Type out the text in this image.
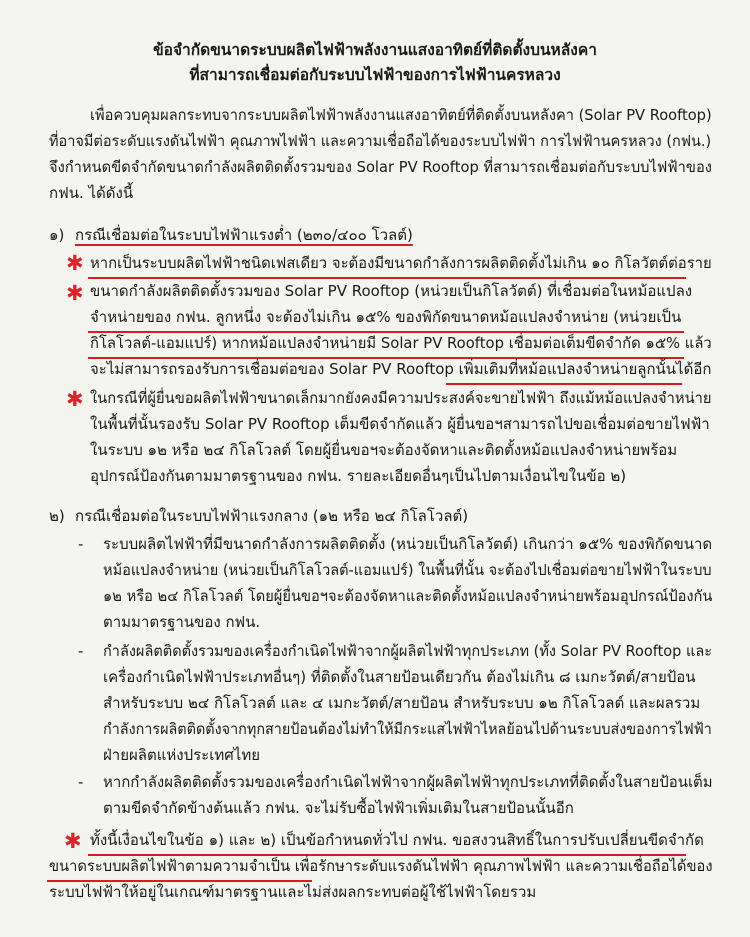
ข้อจำกัดขนาดระบบผลิตไฟฟ้าพลังงานแสงอาทิตย์ที่ติดตั้งบนหลังคา
ที่สามารถเชื่อมต่อกับระบบไฟฟ้าของการไฟฟ้านครหลวง
เพื่อควบคุมผลกระทบจากระบบผลิตไฟฟ้าพลังงานแสงอาทิตย์ที่ติดตั้งบนหลังคา (Solar PV Rooftop)
ที่อาจมีต่อระดับแรงดันไฟฟ้า คุณภาพไฟฟ้า และความเชื่อถือได้ของระบบไฟฟ้า การไฟฟ้านครหลวง (กฟน.)
จึงกำหนดขีดจำกัดขนาดกำลังผลิตติดตั้งรวมของ Solar PV Rooftop ที่สามารถเชื่อมต่อกับระบบไฟฟ้าของ
กฟน. ได้ดังนี้
๑) กรณีเชื่อมต่อในระบบไฟฟ้าแรงต่ำ (๒๓๐/๔๐๐ โวลต์)
✱ หากเป็นระบบผลิตไฟฟ้าชนิดเฟสเดียว จะต้องมีขนาดกำลังการผลิตติดตั้งไม่เกิน ๑๐ กิโลวัตต์ต่อราย
✱ ขนาดกำลังผลิตติดตั้งรวมของ Solar PV Rooftop (หน่วยเป็นกิโลวัตต์) ที่เชื่อมต่อในหม้อแปลง
จำหน่ายของ กฟน. ลูกหนึ่ง จะต้องไม่เกิน ๑๕% ของพิกัดขนาดหม้อแปลงจำหน่าย (หน่วยเป็น
กิโลโวลต์-แอมแปร์) หากหม้อแปลงจำหน่ายมี Solar PV Rooftop เชื่อมต่อเต็มขีดจำกัด ๑๕% แล้ว
จะไม่สามารถรองรับการเชื่อมต่อของ Solar PV Rooftop เพิ่มเติมที่หม้อแปลงจำหน่ายลูกนั้นได้อีก
✱ ในกรณีที่ผู้ยื่นขอผลิตไฟฟ้าขนาดเล็กมากยังคงมีความประสงค์จะขายไฟฟ้า ถึงแม้หม้อแปลงจำหน่าย
ในพื้นที่นั้นรองรับ Solar PV Rooftop เต็มขีดจำกัดแล้ว ผู้ยื่นขอฯสามารถไปขอเชื่อมต่อขายไฟฟ้า
ในระบบ ๑๒ หรือ ๒๔ กิโลโวลต์ โดยผู้ยื่นขอฯจะต้องจัดหาและติดตั้งหม้อแปลงจำหน่ายพร้อม
อุปกรณ์ป้องกันตามมาตรฐานของ กฟน. รายละเอียดอื่นๆเป็นไปตามเงื่อนไขในข้อ ๒)
๒) กรณีเชื่อมต่อในระบบไฟฟ้าแรงกลาง (๑๒ หรือ ๒๔ กิโลโวลต์)
- ระบบผลิตไฟฟ้าที่มีขนาดกำลังการผลิตติดตั้ง (หน่วยเป็นกิโลวัตต์) เกินกว่า ๑๕% ของพิกัดขนาด
หม้อแปลงจำหน่าย (หน่วยเป็นกิโลโวลต์-แอมแปร์) ในพื้นที่นั้น จะต้องไปเชื่อมต่อขายไฟฟ้าในระบบ
๑๒ หรือ ๒๔ กิโลโวลต์ โดยผู้ยื่นขอฯจะต้องจัดหาและติดตั้งหม้อแปลงจำหน่ายพร้อมอุปกรณ์ป้องกัน
ตามมาตรฐานของ กฟน.
- กำลังผลิตติดตั้งรวมของเครื่องกำเนิดไฟฟ้าจากผู้ผลิตไฟฟ้าทุกประเภท (ทั้ง Solar PV Rooftop และ
เครื่องกำเนิดไฟฟ้าประเภทอื่นๆ) ที่ติดตั้งในสายป้อนเดียวกัน ต้องไม่เกิน ๘ เมกะวัตต์/สายป้อน
สำหรับระบบ ๒๔ กิโลโวลต์ และ ๔ เมกะวัตต์/สายป้อน สำหรับระบบ ๑๒ กิโลโวลต์ และผลรวม
กำลังการผลิตติดตั้งจากทุกสายป้อนต้องไม่ทำให้มีกระแสไฟฟ้าไหลย้อนไปด้านระบบส่งของการไฟฟ้า
ฝ่ายผลิตแห่งประเทศไทย
- หากกำลังผลิตติดตั้งรวมของเครื่องกำเนิดไฟฟ้าจากผู้ผลิตไฟฟ้าทุกประเภทที่ติดตั้งในสายป้อนเต็ม
ตามขีดจำกัดข้างต้นแล้ว กฟน. จะไม่รับซื้อไฟฟ้าเพิ่มเติมในสายป้อนนั้นอีก
✱ ทั้งนี้เงื่อนไขในข้อ ๑) และ ๒) เป็นข้อกำหนดทั่วไป กฟน. ขอสงวนสิทธิ์ในการปรับเปลี่ยนขีดจำกัด
ขนาดระบบผลิตไฟฟ้าตามความจำเป็น เพื่อรักษาระดับแรงดันไฟฟ้า คุณภาพไฟฟ้า และความเชื่อถือได้ของ
ระบบไฟฟ้าให้อยู่ในเกณฑ์มาตรฐานและไม่ส่งผลกระทบต่อผู้ใช้ไฟฟ้าโดยรวม
